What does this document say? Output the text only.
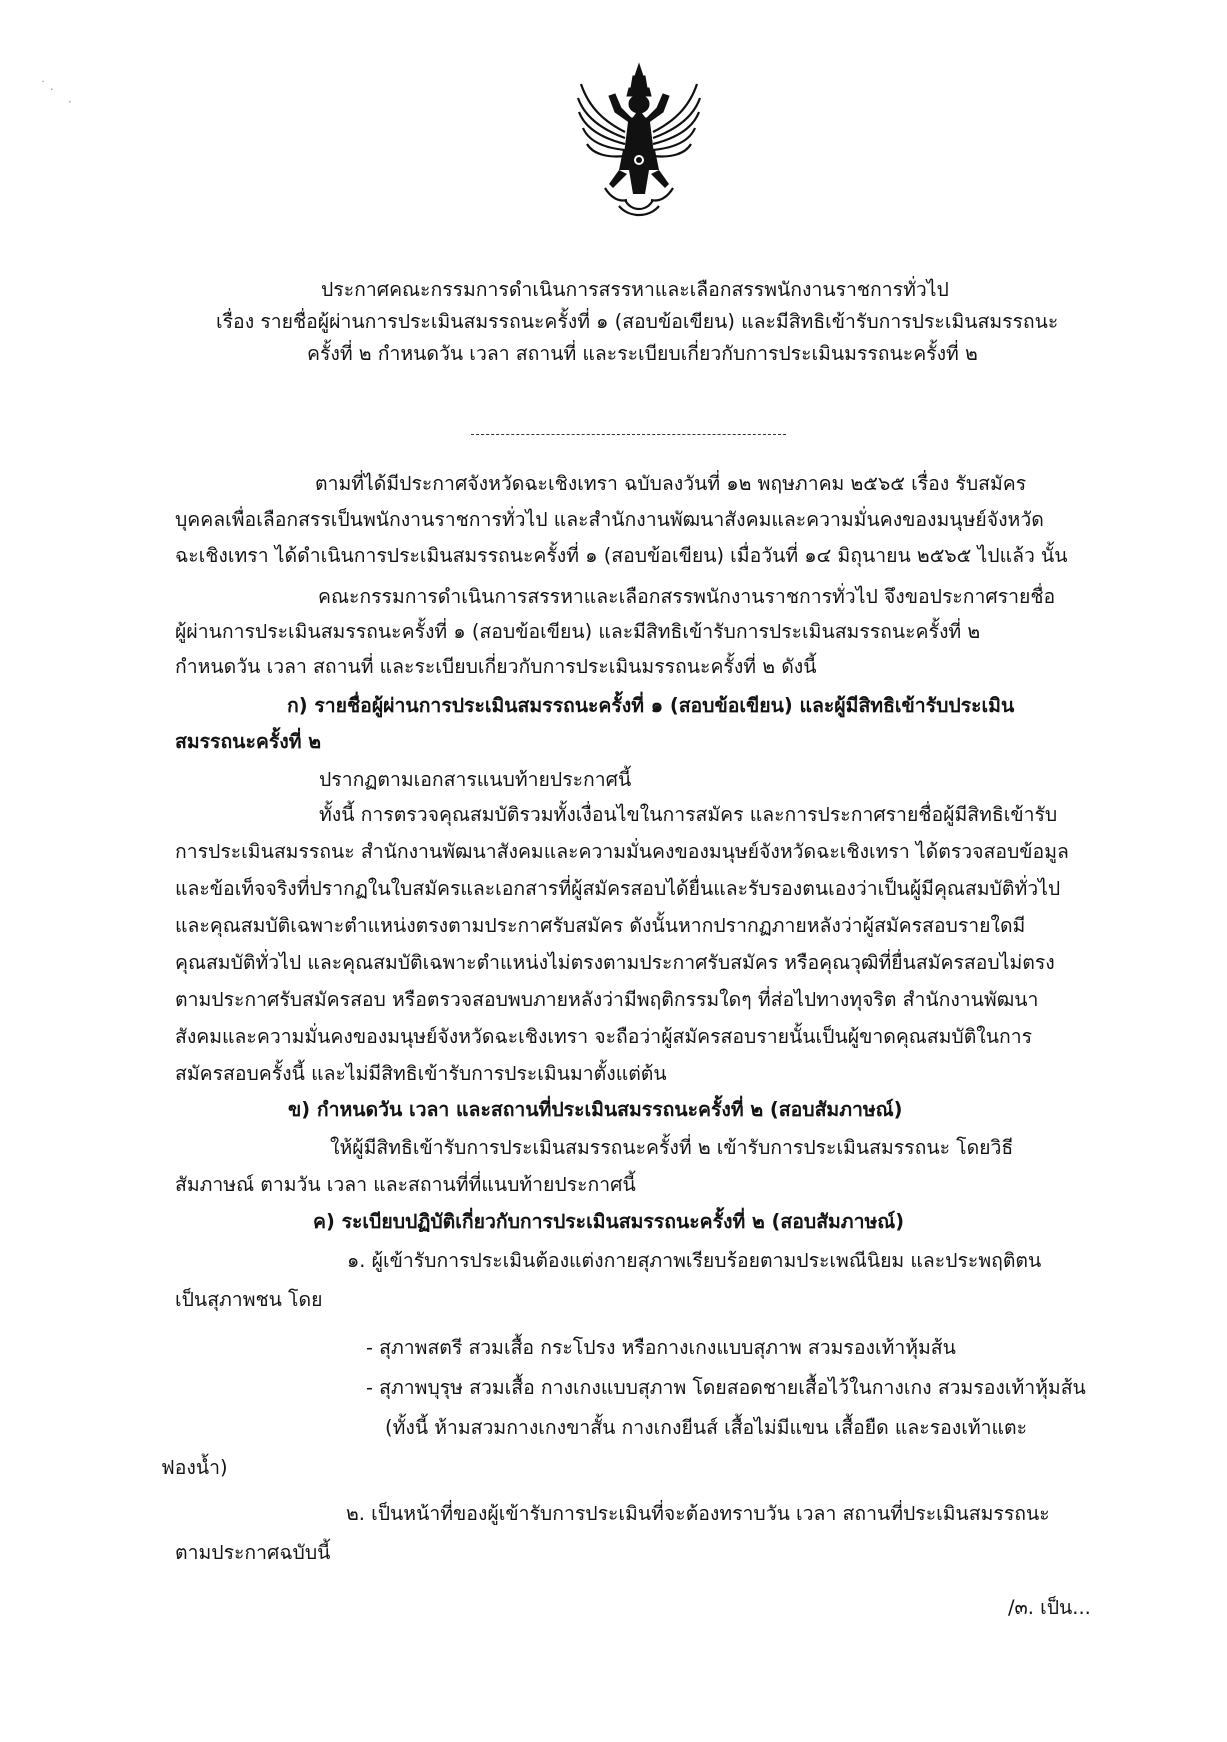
˙ .
·
ประกาศคณะกรรมการดำเนินการสรรหาและเลือกสรรพนักงานราชการทั่วไป
เรื่อง รายชื่อผู้ผ่านการประเมินสมรรถนะครั้งที่ ๑ (สอบข้อเขียน) และมีสิทธิเข้ารับการประเมินสมรรถนะ
ครั้งที่ ๒ กำหนดวัน เวลา สถานที่ และระเบียบเกี่ยวกับการประเมินมรรถนะครั้งที่ ๒
ตามที่ได้มีประกาศจังหวัดฉะเชิงเทรา ฉบับลงวันที่ ๑๒ พฤษภาคม ๒๕๖๕ เรื่อง รับสมัคร
บุคคลเพื่อเลือกสรรเป็นพนักงานราชการทั่วไป และสำนักงานพัฒนาสังคมและความมั่นคงของมนุษย์จังหวัด
ฉะเชิงเทรา ได้ดำเนินการประเมินสมรรถนะครั้งที่ ๑ (สอบข้อเขียน) เมื่อวันที่ ๑๔ มิถุนายน ๒๕๖๕ ไปแล้ว นั้น
คณะกรรมการดำเนินการสรรหาและเลือกสรรพนักงานราชการทั่วไป จึงขอประกาศรายชื่อ
ผู้ผ่านการประเมินสมรรถนะครั้งที่ ๑ (สอบข้อเขียน) และมีสิทธิเข้ารับการประเมินสมรรถนะครั้งที่ ๒
กำหนดวัน เวลา สถานที่ และระเบียบเกี่ยวกับการประเมินมรรถนะครั้งที่ ๒ ดังนี้
ก) รายชื่อผู้ผ่านการประเมินสมรรถนะครั้งที่ ๑ (สอบข้อเขียน) และผู้มีสิทธิเข้ารับประเมิน
สมรรถนะครั้งที่ ๒
ปรากฏตามเอกสารแนบท้ายประกาศนี้
ทั้งนี้ การตรวจคุณสมบัติรวมทั้งเงื่อนไขในการสมัคร และการประกาศรายชื่อผู้มีสิทธิเข้ารับ
การประเมินสมรรถนะ สำนักงานพัฒนาสังคมและความมั่นคงของมนุษย์จังหวัดฉะเชิงเทรา ได้ตรวจสอบข้อมูล
และข้อเท็จจริงที่ปรากฏในใบสมัครและเอกสารที่ผู้สมัครสอบได้ยื่นและรับรองตนเองว่าเป็นผู้มีคุณสมบัติทั่วไป
และคุณสมบัติเฉพาะตำแหน่งตรงตามประกาศรับสมัคร ดังนั้นหากปรากฏภายหลังว่าผู้สมัครสอบรายใดมี
คุณสมบัติทั่วไป และคุณสมบัติเฉพาะตำแหน่งไม่ตรงตามประกาศรับสมัคร หรือคุณวุฒิที่ยื่นสมัครสอบไม่ตรง
ตามประกาศรับสมัครสอบ หรือตรวจสอบพบภายหลังว่ามีพฤติกรรมใดๆ ที่ส่อไปทางทุจริต สำนักงานพัฒนา
สังคมและความมั่นคงของมนุษย์จังหวัดฉะเชิงเทรา จะถือว่าผู้สมัครสอบรายนั้นเป็นผู้ขาดคุณสมบัติในการ
สมัครสอบครั้งนี้ และไม่มีสิทธิเข้ารับการประเมินมาตั้งแต่ต้น
ข) กำหนดวัน เวลา และสถานที่ประเมินสมรรถนะครั้งที่ ๒ (สอบสัมภาษณ์)
ให้ผู้มีสิทธิเข้ารับการประเมินสมรรถนะครั้งที่ ๒ เข้ารับการประเมินสมรรถนะ โดยวิธี
สัมภาษณ์ ตามวัน เวลา และสถานที่ที่แนบท้ายประกาศนี้
ค) ระเบียบปฏิบัติเกี่ยวกับการประเมินสมรรถนะครั้งที่ ๒ (สอบสัมภาษณ์)
๑. ผู้เข้ารับการประเมินต้องแต่งกายสุภาพเรียบร้อยตามประเพณีนิยม และประพฤติตน
เป็นสุภาพชน โดย
- สุภาพสตรี สวมเสื้อ กระโปรง หรือกางเกงแบบสุภาพ สวมรองเท้าหุ้มส้น
- สุภาพบุรุษ สวมเสื้อ กางเกงแบบสุภาพ โดยสอดชายเสื้อไว้ในกางเกง สวมรองเท้าหุ้มส้น
(ทั้งนี้ ห้ามสวมกางเกงขาสั้น กางเกงยีนส์ เสื้อไม่มีแขน เสื้อยืด และรองเท้าแตะ
ฟองน้ำ)
๒. เป็นหน้าที่ของผู้เข้ารับการประเมินที่จะต้องทราบวัน เวลา สถานที่ประเมินสมรรถนะ
ตามประกาศฉบับนี้
/๓. เป็น...
